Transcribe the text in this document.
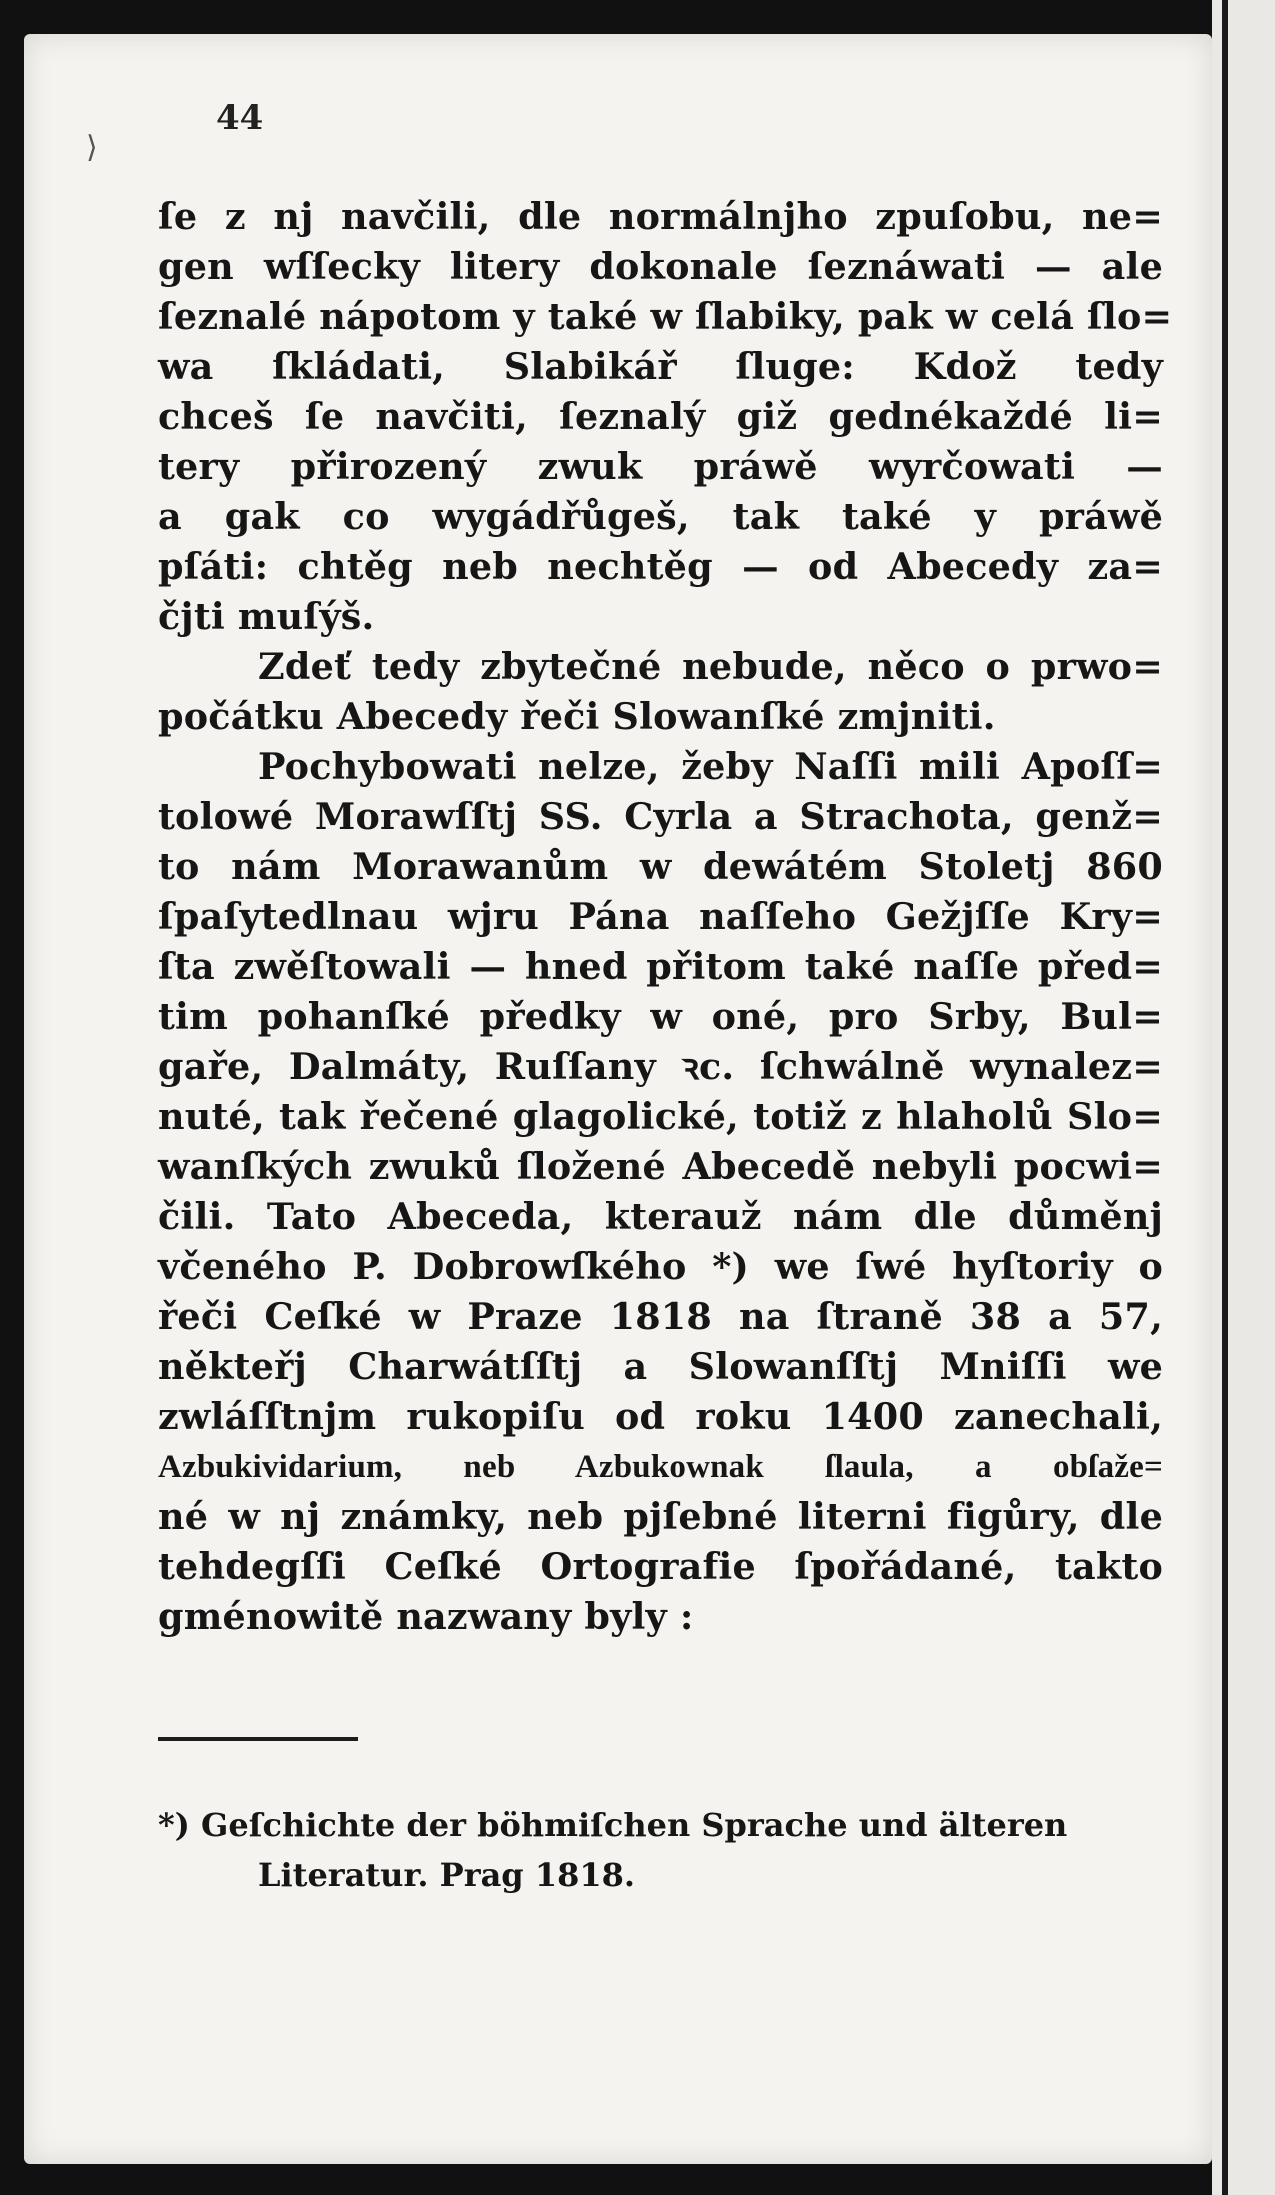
44
⟩
ſe z nj navčili, dle normálnjho zpuſobu, ne=
gen wſſecky litery dokonale ſeznáwati — ale
ſeznalé nápotom y také w ſlabiky, pak w celá ſlo=
wa ſkládati, Slabikář ſluge: Kdož tedy
chceš ſe navčiti, ſeznalý giž gednékaždé li=
tery přirozený zwuk práwě wyrčowati —
a gak co wygádřůgeš, tak také y práwě
pſáti: chtěg neb nechtěg — od Abecedy za=
čjti muſýš.
Zdeť tedy zbytečné nebude, něco o prwo=
počátku Abecedy řeči Slowanſké zmjniti.
Pochybowati nelze, žeby Naſſi mili Apoſſ=
tolowé Morawſſtj SS. Cyrla a Strachota, genž=
to nám Morawanům w dewátém Stoletj 860
ſpaſytedlnau wjru Pána naſſeho Gežjſſe Kry=
ſta zwěſtowali — hned přitom také naſſe před=
tim pohanſké předky w oné, pro Srby, Bul=
gaře, Dalmáty, Ruſſany ꝛc. ſchwálně wynalez=
nuté, tak řečené glagolické, totiž z hlaholů Slo=
wanſkých zwuků ſložené Abecedě nebyli pocwi=
čili. Tato Abeceda, kterauž nám dle důměnj
včeného P. Dobrowſkého *) we ſwé hyſtoriy o
řeči Ceſké w Praze 1818 na ſtraně 38 a 57,
někteřj Charwátſſtj a Slowanſſtj Mniſſi we
zwláſſtnjm rukopiſu od roku 1400 zanechali,
Azbukividarium, neb Azbukownak ſlaula, a obſaže=
né w nj známky, neb pjſebné literni figůry, dle
tehdegſſi Ceſké Ortografie ſpořádané, takto
gménowitě nazwany byly :
*) Geſchichte der böhmiſchen Sprache und älteren
Literatur. Prag 1818.
